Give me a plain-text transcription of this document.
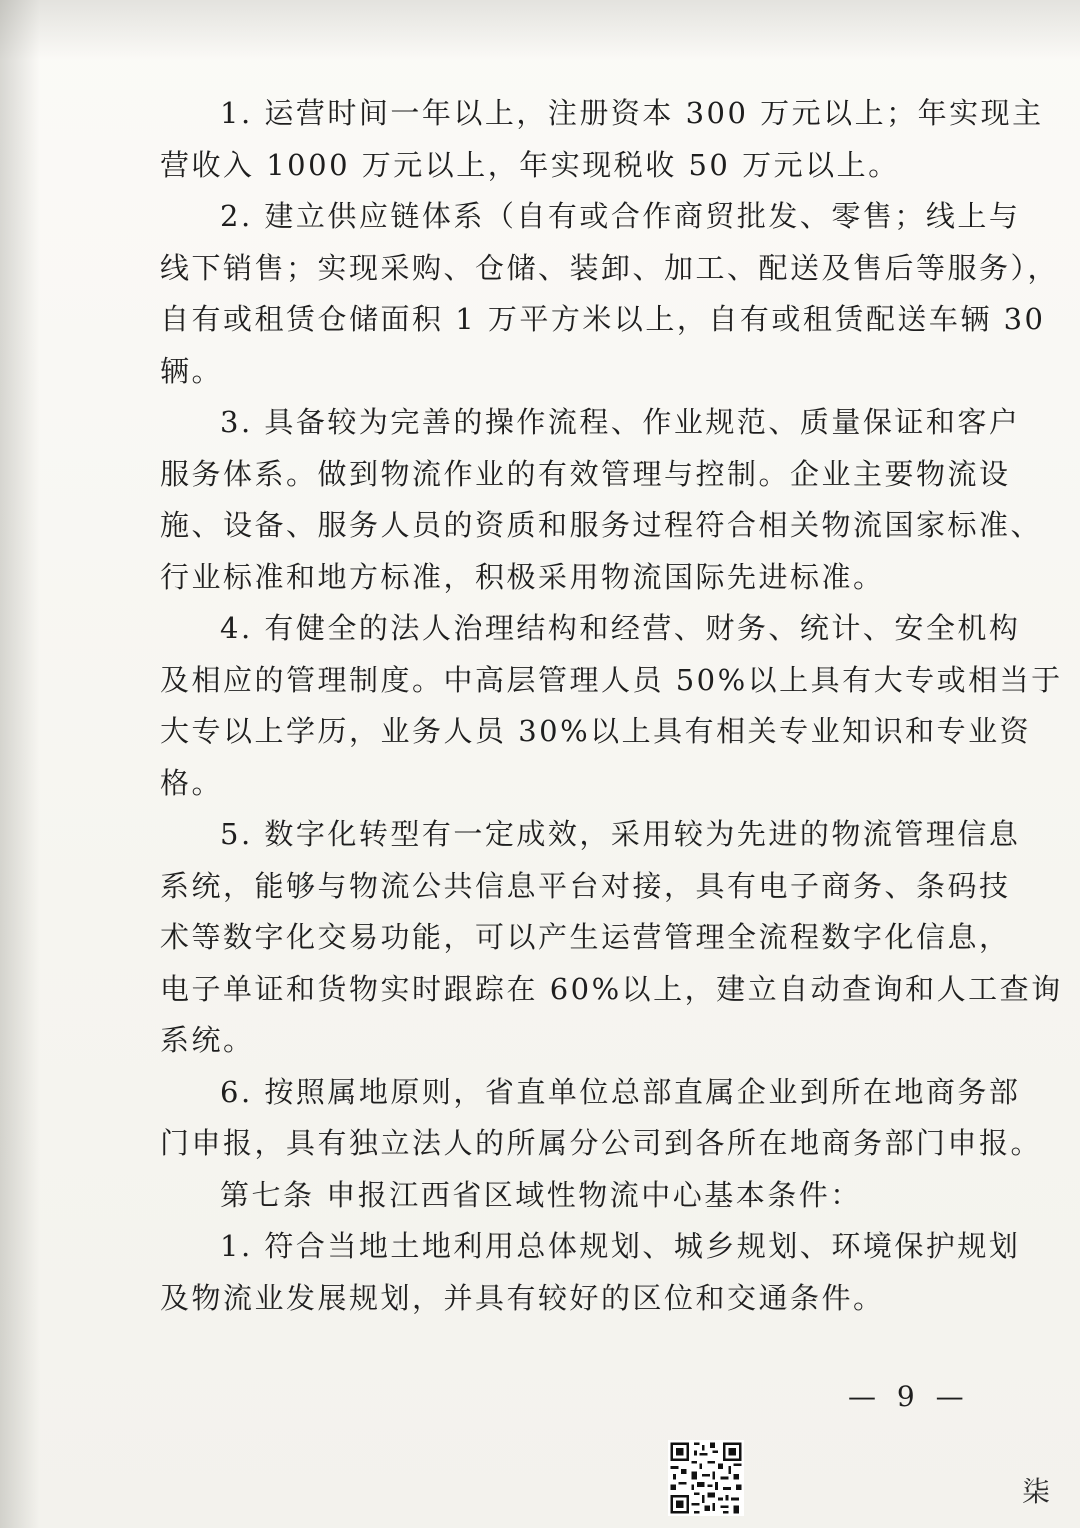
1. 运营时间一年以上，注册资本 300 万元以上；年实现主
营收入 1000 万元以上，年实现税收 50 万元以上。
2. 建立供应链体系（自有或合作商贸批发、零售；线上与
线下销售；实现采购、仓储、装卸、加工、配送及售后等服务），
自有或租赁仓储面积 1 万平方米以上，自有或租赁配送车辆 30
辆。
3. 具备较为完善的操作流程、作业规范、质量保证和客户
服务体系。做到物流作业的有效管理与控制。企业主要物流设
施、设备、服务人员的资质和服务过程符合相关物流国家标准、
行业标准和地方标准，积极采用物流国际先进标准。
4. 有健全的法人治理结构和经营、财务、统计、安全机构
及相应的管理制度。中高层管理人员 50%以上具有大专或相当于
大专以上学历，业务人员 30%以上具有相关专业知识和专业资
格。
5. 数字化转型有一定成效，采用较为先进的物流管理信息
系统，能够与物流公共信息平台对接，具有电子商务、条码技
术等数字化交易功能，可以产生运营管理全流程数字化信息，
电子单证和货物实时跟踪在 60%以上，建立自动查询和人工查询
系统。
6. 按照属地原则，省直单位总部直属企业到所在地商务部
门申报，具有独立法人的所属分公司到各所在地商务部门申报。
第七条 申报江西省区域性物流中心基本条件：
1. 符合当地土地利用总体规划、城乡规划、环境保护规划
及物流业发展规划，并具有较好的区位和交通条件。
— 9 —
柒
